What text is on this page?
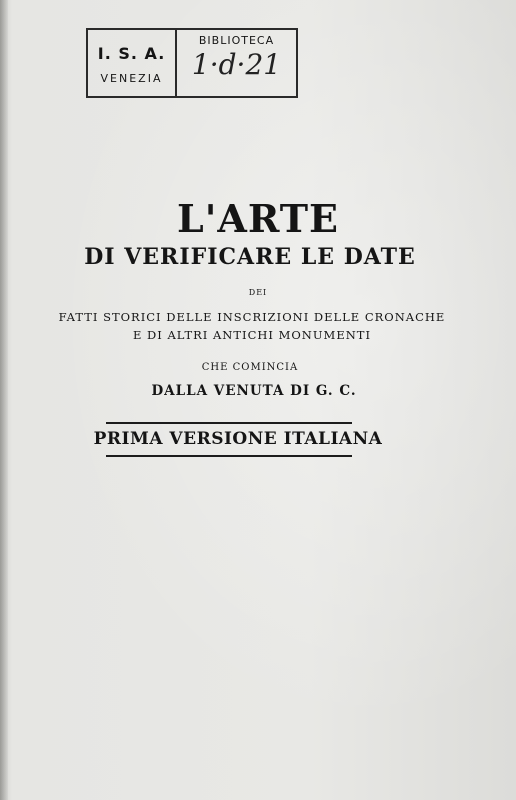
I. S. A.
VENEZIA
BIBLIOTECA
1·d·21
L'ARTE
DI VERIFICARE LE DATE
DEI
FATTI STORICI DELLE INSCRIZIONI DELLE CRONACHE
E DI ALTRI ANTICHI MONUMENTI
CHE COMINCIA
DALLA VENUTA DI G. C.
PRIMA VERSIONE ITALIANA
